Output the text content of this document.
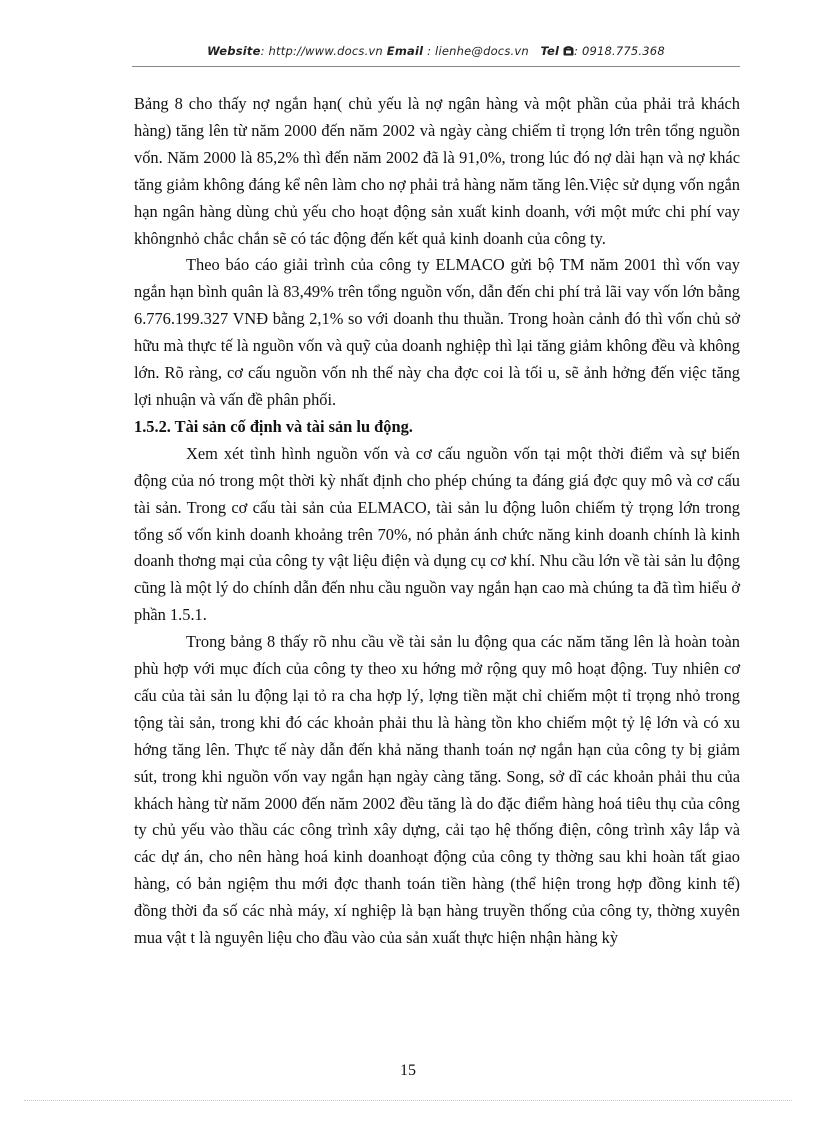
Website: http://www.docs.vn Email : lienhe@docs.vn Tel : 0918.775.368

Bảng 8 cho thấy nợ ngắn hạn( chủ yếu là nợ ngân hàng và một phần của phải trả khách hàng) tăng lên từ năm 2000 đến năm 2002 và ngày càng chiếm tỉ trọng lớn trên tổng nguồn vốn. Năm 2000 là 85,2% thì đến năm 2002 đã là 91,0%, trong lúc đó nợ dài hạn và nợ khác tăng giảm không đáng kể nên làm cho nợ phải trả hàng năm tăng lên.Việc sử dụng vốn ngắn hạn ngân hàng dùng chủ yếu cho hoạt động sản xuất kinh doanh, với một mức chi phí vay khôngnhỏ chắc chắn sẽ có tác động đến kết quả kinh doanh của công ty.

Theo báo cáo giải trình của công ty ELMACO gửi bộ TM năm 2001 thì vốn vay ngắn hạn bình quân là 83,49% trên tổng nguồn vốn, dẫn đến chi phí trả lãi vay vốn lớn bằng 6.776.199.327 VNĐ bằng 2,1% so với doanh thu thuần. Trong hoàn cảnh đó thì vốn chủ sở hữu mà thực tế là nguồn vốn và quỹ của doanh nghiệp thì lại tăng giảm không đều và không lớn. Rõ ràng, cơ cấu nguồn vốn nh thế này cha đợc coi là tối u, sẽ ảnh hởng đến việc tăng lợi nhuận và vấn đề phân phối.

1.5.2. Tài sản cố định và tài sản lu động.

Xem xét tình hình nguồn vốn và cơ cấu nguồn vốn tại một thời điểm và sự biến động của nó trong một thời kỳ nhất định cho phép chúng ta đáng giá đợc quy mô và cơ cấu tài sản. Trong cơ cấu tài sản của ELMACO, tài sản lu động luôn chiếm tỷ trọng lớn trong tổng số vốn kinh doanh khoảng trên 70%, nó phản ánh chức năng kinh doanh chính là kinh doanh thơng mại của công ty vật liệu điện và dụng cụ cơ khí. Nhu cầu lớn về tài sản lu động cũng là một lý do chính dẫn đến nhu cầu nguồn vay ngắn hạn cao mà chúng ta đã tìm hiểu ở phần 1.5.1.

Trong bảng 8 thấy rõ nhu cầu về tài sản lu động qua các năm tăng lên là hoàn toàn phù hợp với mục đích của công ty theo xu hớng mở rộng quy mô hoạt động. Tuy nhiên cơ cấu của tài sản lu động lại tỏ ra cha hợp lý, lợng tiền mặt chỉ chiếm một tỉ trọng nhỏ trong tộng tài sản, trong khi đó các khoản phải thu là hàng tồn kho chiếm một tỷ lệ lớn và có xu hớng tăng lên. Thực tế này dẫn đến khả năng thanh toán nợ ngắn hạn của công ty bị giảm sút, trong khi nguồn vốn vay ngắn hạn ngày càng tăng. Song, sở dĩ các khoản phải thu của khách hàng từ năm 2000 đến năm 2002 đều tăng là do đặc điểm hàng hoá tiêu thụ của công ty chủ yếu vào thầu các công trình xây dựng, cải tạo hệ thống điện, công trình xây lắp và các dự án, cho nên hàng hoá kinh doanhoạt động của công ty thờng sau khi hoàn tất giao hàng, có bản ngiệm thu mới đợc thanh toán tiền hàng (thể hiện trong hợp đồng kinh tế) đồng thời đa số các nhà máy, xí nghiệp là bạn hàng truyền thống của công ty, thờng xuyên mua vật t là nguyên liệu cho đầu vào của sản xuất thực hiện nhận hàng kỳ

15
